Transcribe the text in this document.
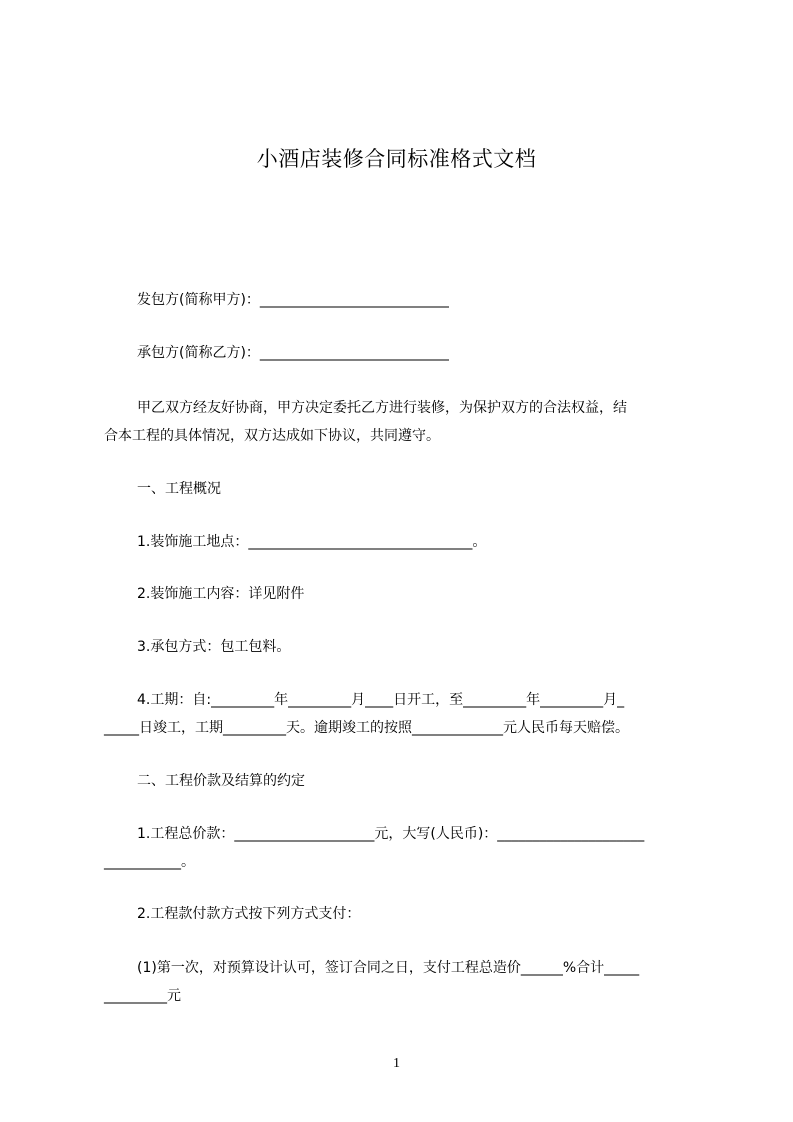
小酒店装修合同标准格式文档
发包方(简称甲方)：___________________________
承包方(简称乙方)：___________________________
甲乙双方经友好协商，甲方决定委托乙方进行装修，为保护双方的合法权益，结
合本工程的具体情况，双方达成如下协议，共同遵守。
一、工程概况
1.装饰施工地点：________________________________。
2.装饰施工内容：详见附件
3.承包方式：包工包料。
4.工期：自:_________年_________月____日开工，至_________年_________月_
_____日竣工，工期_________天。逾期竣工的按照_____________元人民币每天赔偿。
二、工程价款及结算的约定
1.工程总价款：____________________元，大写(人民币)：_____________________
___________。
2.工程款付款方式按下列方式支付：
(1)第一次，对预算设计认可，签订合同之日，支付工程总造价______%合计_____
_________元
1
